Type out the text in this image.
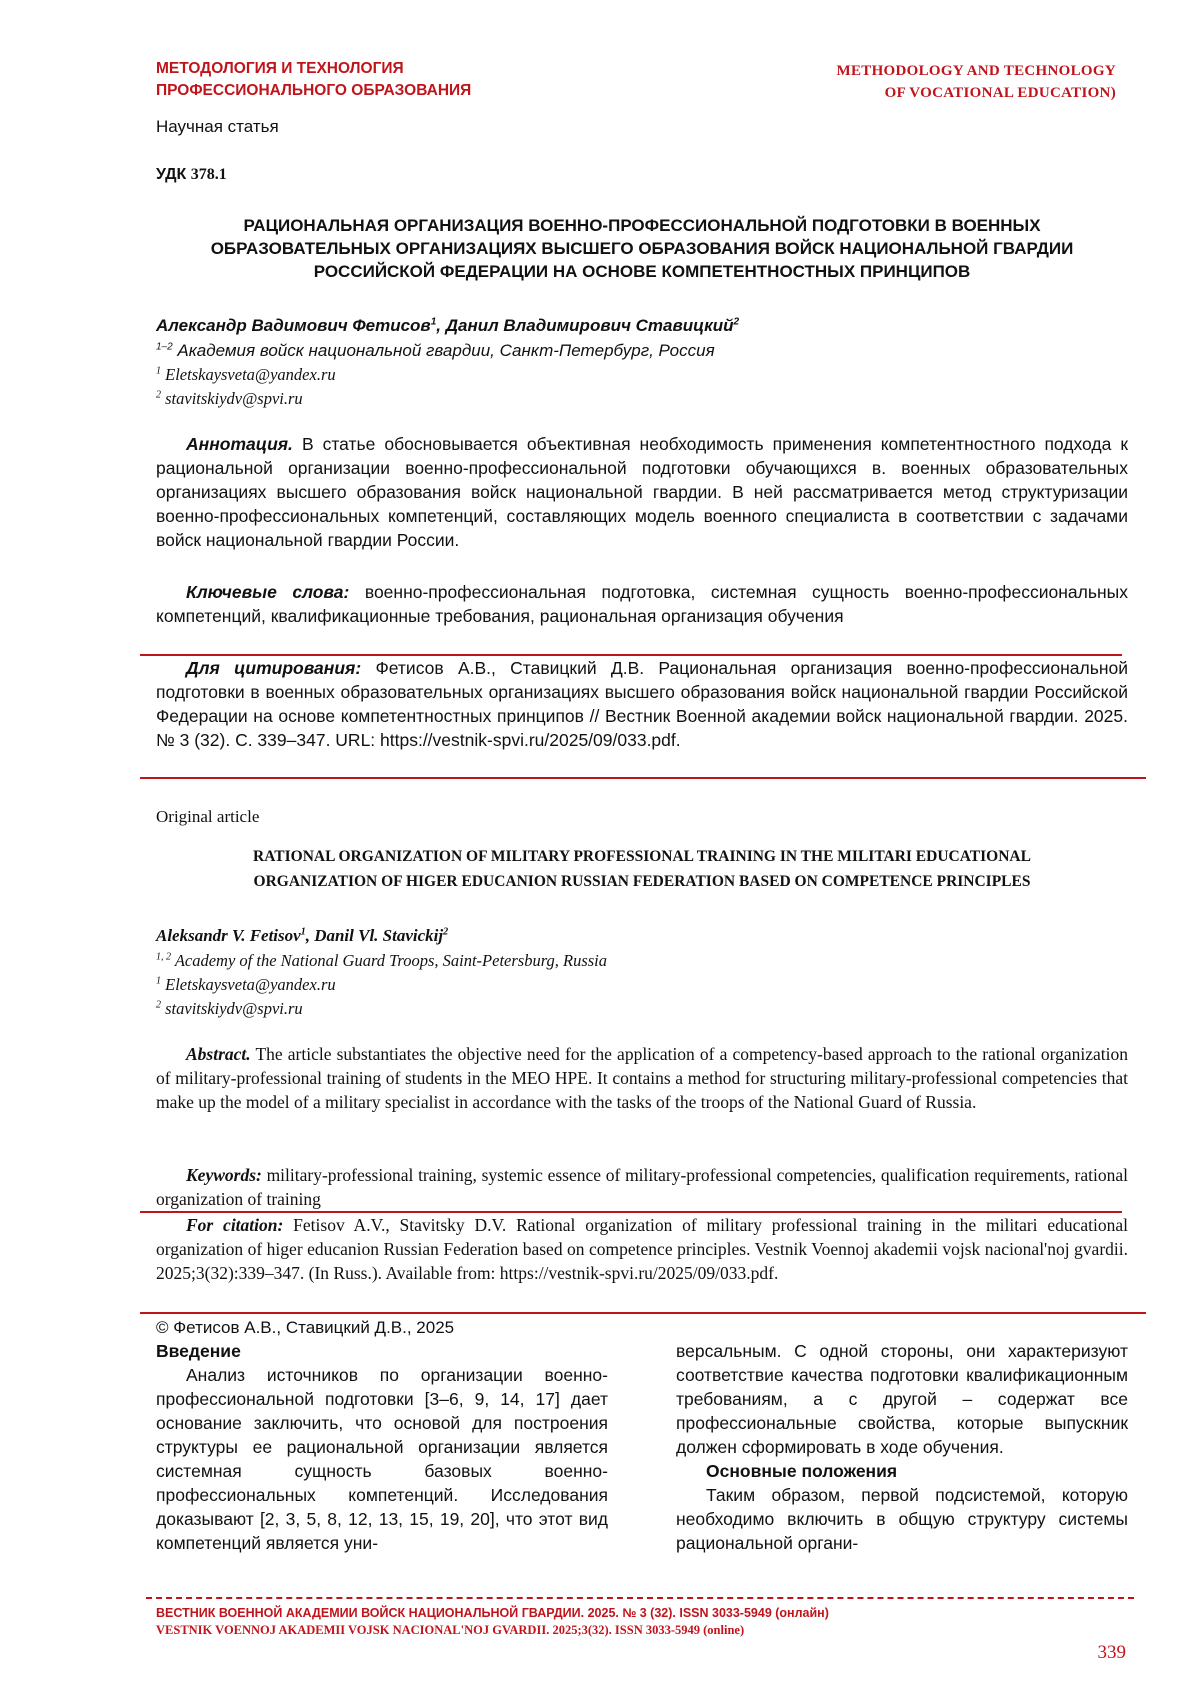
МЕТОДОЛОГИЯ И ТЕХНОЛОГИЯ
ПРОФЕССИОНАЛЬНОГО ОБРАЗОВАНИЯ
METHODOLOGY AND TECHNOLOGY
OF VOCATIONAL EDUCATION)
Научная статья
УДК 378.1
РАЦИОНАЛЬНАЯ ОРГАНИЗАЦИЯ ВОЕННО-ПРОФЕССИОНАЛЬНОЙ ПОДГОТОВКИ В ВОЕННЫХ ОБРАЗОВАТЕЛЬНЫХ ОРГАНИЗАЦИЯХ ВЫСШЕГО ОБРАЗОВАНИЯ ВОЙСК НАЦИОНАЛЬНОЙ ГВАРДИИ РОССИЙСКОЙ ФЕДЕРАЦИИ НА ОСНОВЕ КОМПЕТЕНТНОСТНЫХ ПРИНЦИПОВ
Александр Вадимович Фетисов$^1$, Данил Владимирович Ставицкий$^2$
$^{1-2}$ Академия войск национальной гвардии, Санкт-Петербург, Россия
$^1$ Eletskaysveta@yandex.ru
$^2$ stavitskiydv@spvi.ru
Аннотация. В статье обосновывается объективная необходимость применения компетентностного подхода к рациональной организации военно-профессиональной подготовки обучающихся в. военных образовательных организациях высшего образования войск национальной гвардии. В ней рассматривается метод структуризации военно-профессиональных компетенций, составляющих модель военного специалиста в соответствии с задачами войск национальной гвардии России.
Ключевые слова: военно-профессиональная подготовка, системная сущность военно-профессиональных компетенций, квалификационные требования, рациональная организация обучения
Для цитирования: Фетисов А.В., Ставицкий Д.В. Рациональная организация военно-профессиональной подготовки в военных образовательных организациях высшего образования войск национальной гвардии Российской Федерации на основе компетентностных принципов // Вестник Военной академии войск национальной гвардии. 2025. № 3 (32). С. 339–347. URL: https://vestnik-spvi.ru/2025/09/033.pdf.
Original article
RATIONAL ORGANIZATION OF MILITARY PROFESSIONAL TRAINING IN THE MILITARI EDUCATIONAL
ORGANIZATION OF HIGER EDUCANION RUSSIAN FEDERATION BASED ON COMPETENCE PRINCIPLES
Aleksandr V. Fetisov$^1$, Danil Vl. Stavickij$^2$
$^{1, 2}$ Academy of the National Guard Troops, Saint-Petersburg, Russia
$^1$ Eletskaysveta@yandex.ru
$^2$ stavitskiydv@spvi.ru
Abstract. The article substantiates the objective need for the application of a competency-based approach to the rational organization of military-professional training of students in the MEO HPE. It contains a method for structuring military-professional competencies that make up the model of a military specialist in accordance with the tasks of the troops of the National Guard of Russia.
Keywords: military-professional training, systemic essence of military-professional competencies, qualification requirements, rational organization of training
For citation: Fetisov A.V., Stavitsky D.V. Rational organization of military professional training in the militari educational organization of higer educanion Russian Federation based on competence principles. Vestnik Voennoj akademii vojsk nacional'noj gvardii. 2025;3(32):339–347. (In Russ.). Available from: https://vestnik-spvi.ru/2025/09/033.pdf.
© Фетисов А.В., Ставицкий Д.В., 2025
Введение

Анализ источников по организации военно-профессиональной подготовки [3–6, 9, 14, 17] дает основание заключить, что основой для построения структуры ее рациональной организации является системная сущность базовых военно-профессиональных компетенций. Исследования доказывают [2, 3, 5, 8, 12, 13, 15, 19, 20], что этот вид компетенций является уни-

версальным. С одной стороны, они характеризуют соответствие качества подготовки квалификационным требованиям, а с другой – содержат все профессиональные свойства, которые выпускник должен сформировать в ходе обучения.

Основные положения

Таким образом, первой подсистемой, которую необходимо включить в общую структуру системы рациональной органи-

ВЕСТНИК ВОЕННОЙ АКАДЕМИИ ВОЙСК НАЦИОНАЛЬНОЙ ГВАРДИИ. 2025. № 3 (32). ISSN 3033-5949 (онлайн)
VESTNIK VOENNOJ AKADEMII VOJSK NACIONAL'NOJ GVARDII. 2025;3(32). ISSN 3033-5949 (online)
339
